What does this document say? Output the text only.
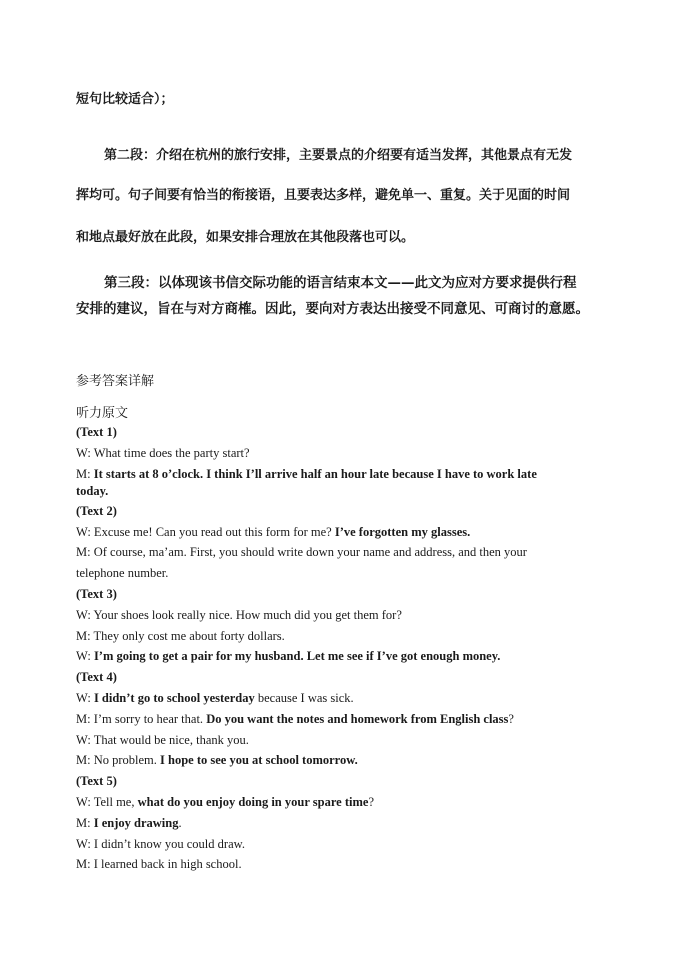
短句比较适合）；
第二段：介绍在杭州的旅行安排，主要景点的介绍要有适当发挥，其他景点有无发
挥均可。句子间要有恰当的衔接语，且要表达多样，避免单一、重复。关于见面的时间
和地点最好放在此段，如果安排合理放在其他段落也可以。
第三段：以体现该书信交际功能的语言结束本文——此文为应对方要求提供行程
安排的建议，旨在与对方商榷。因此，要向对方表达出接受不同意见、可商讨的意愿。
参考答案详解
听力原文
(Text 1)
W: What time does the party start?
M: It starts at 8 o’clock. I think I’ll arrive half an hour late because I have to work late
today.
(Text 2)
W: Excuse me! Can you read out this form for me? I’ve forgotten my glasses.
M: Of course, ma’am. First, you should write down your name and address, and then your
telephone number.
(Text 3)
W: Your shoes look really nice. How much did you get them for?
M: They only cost me about forty dollars.
W: I’m going to get a pair for my husband. Let me see if I’ve got enough money.
(Text 4)
W: I didn’t go to school yesterday because I was sick.
M: I’m sorry to hear that. Do you want the notes and homework from English class?
W: That would be nice, thank you.
M: No problem. I hope to see you at school tomorrow.
(Text 5)
W: Tell me, what do you enjoy doing in your spare time?
M: I enjoy drawing.
W: I didn’t know you could draw.
M: I learned back in high school.
